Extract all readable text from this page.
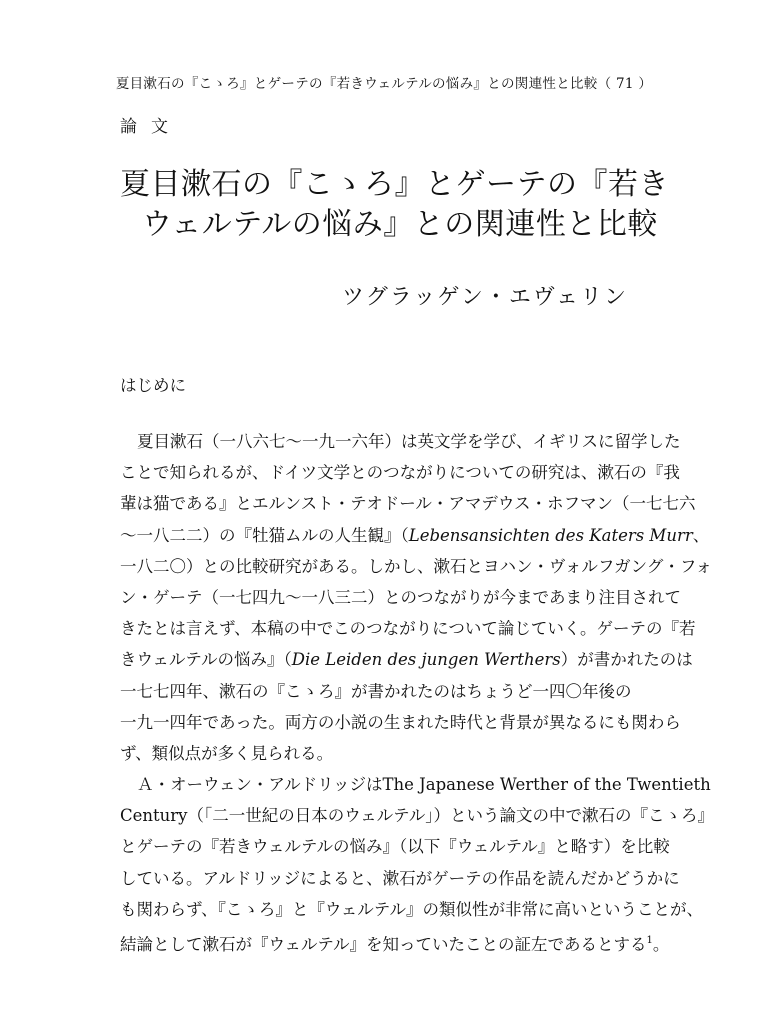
夏目漱石の『こゝろ』とゲーテの『若きウェルテルの悩み』との関連性と比較（ 71 ）
論文
夏目漱石の『こゝろ』とゲーテの『若き
ウェルテルの悩み』との関連性と比較
ツグラッゲン・エヴェリン
はじめに
夏目漱石（一八六七〜一九一六年）は英文学を学び、イギリスに留学した
ことで知られるが、ドイツ文学とのつながりについての研究は、漱石の『我
輩は猫である』とエルンスト・テオドール・アマデウス・ホフマン（一七七六
〜一八二二）の『牡猫ムルの人生観』（Lebensansichten des Katers Murr、
一八二〇）との比較研究がある。しかし、漱石とヨハン・ヴォルフガング・フォ
ン・ゲーテ（一七四九〜一八三二）とのつながりが今まであまり注目されて
きたとは言えず、本稿の中でこのつながりについて論じていく。ゲーテの『若
きウェルテルの悩み』（Die Leiden des jungen Werthers）が書かれたのは
一七七四年、漱石の『こゝろ』が書かれたのはちょうど一四〇年後の
一九一四年であった。両方の小説の生まれた時代と背景が異なるにも関わら
ず、類似点が多く見られる。
Ａ・オーウェン・アルドリッジはThe Japanese Werther of the Twentieth
Century（「二一世紀の日本のウェルテル」）という論文の中で漱石の『こゝろ』
とゲーテの『若きウェルテルの悩み』（以下『ウェルテル』と略す）を比較
している。アルドリッジによると、漱石がゲーテの作品を読んだかどうかに
も関わらず、『こゝろ』と『ウェルテル』の類似性が非常に高いということが、
結論として漱石が『ウェルテル』を知っていたことの証左であるとする$^1$。
